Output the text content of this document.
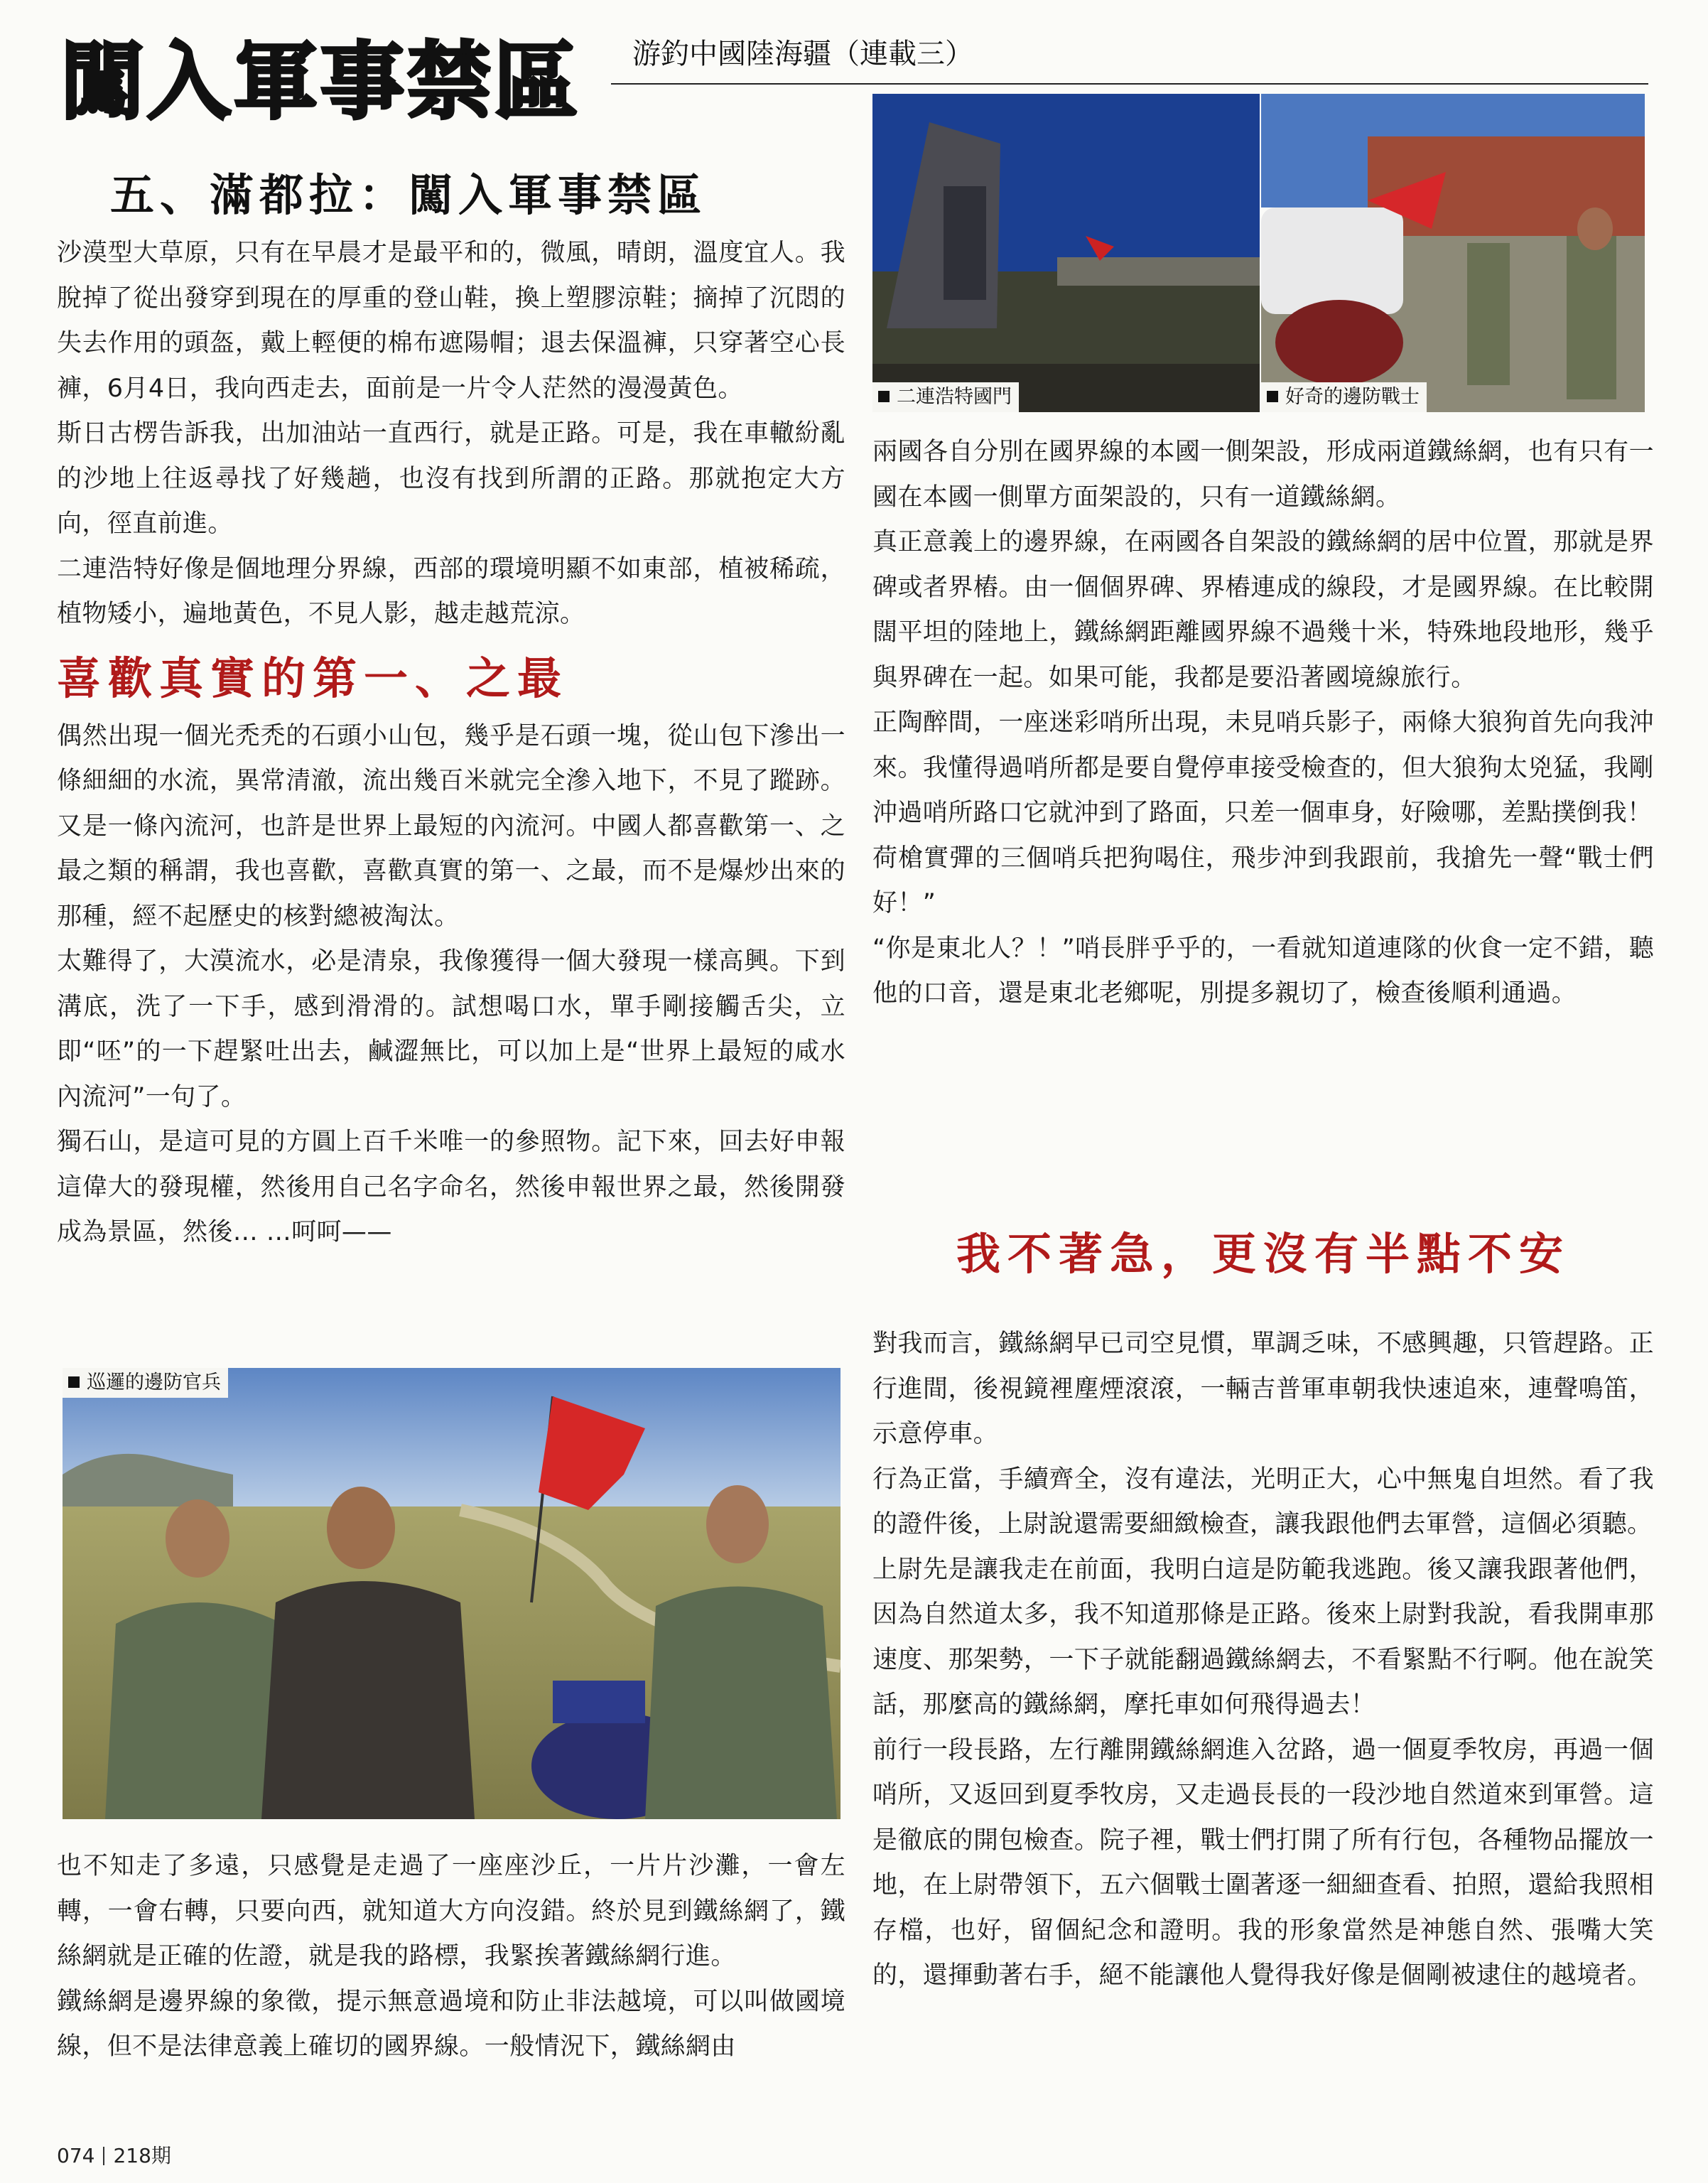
闖入軍事禁區 游釣中國陸海疆（連載三）
五、滿都拉：闖入軍事禁區

沙漠型大草原，只有在早晨才是最平和的，微風，晴朗，溫度宜人。我脫掉了從出發穿到現在的厚重的登山鞋，換上塑膠涼鞋；摘掉了沉悶的失去作用的頭盔，戴上輕便的棉布遮陽帽；退去保溫褲，只穿著空心長褲，6月4日，我向西走去，面前是一片令人茫然的漫漫黃色。

斯日古楞告訴我，出加油站一直西行，就是正路。可是，我在車轍紛亂的沙地上往返尋找了好幾趟，也沒有找到所謂的正路。那就抱定大方向，徑直前進。

二連浩特好像是個地理分界線，西部的環境明顯不如東部，植被稀疏，植物矮小，遍地黃色，不見人影，越走越荒涼。

喜歡真實的第一、之最

偶然出現一個光禿禿的石頭小山包，幾乎是石頭一塊，從山包下滲出一條細細的水流，異常清澈，流出幾百米就完全滲入地下，不見了蹤跡。又是一條內流河，也許是世界上最短的內流河。中國人都喜歡第一、之最之類的稱謂，我也喜歡，喜歡真實的第一、之最，而不是爆炒出來的那種，經不起歷史的核對總被淘汰。

太難得了，大漠流水，必是清泉，我像獲得一個大發現一樣高興。下到溝底，洗了一下手，感到滑滑的。試想喝口水，單手剛接觸舌尖，立即“呸”的一下趕緊吐出去，鹹澀無比，可以加上是“世界上最短的咸水內流河”一句了。

獨石山，是這可見的方圓上百千米唯一的參照物。記下來，回去好申報這偉大的發現權，然後用自己名字命名，然後申報世界之最，然後開發成為景區，然後… …呵呵——

巡邏的邊防官兵

也不知走了多遠，只感覺是走過了一座座沙丘，一片片沙灘，一會左轉，一會右轉，只要向西，就知道大方向沒錯。終於見到鐵絲網了，鐵絲網就是正確的佐證，就是我的路標，我緊挨著鐵絲網行進。

鐵絲網是邊界線的象徵，提示無意過境和防止非法越境，可以叫做國境線，但不是法律意義上確切的國界線。一般情況下，鐵絲網由

二連浩特國門	好奇的邊防戰士

兩國各自分別在國界線的本國一側架設，形成兩道鐵絲網，也有只有一國在本國一側單方面架設的，只有一道鐵絲網。

真正意義上的邊界線，在兩國各自架設的鐵絲網的居中位置，那就是界碑或者界樁。由一個個界碑、界樁連成的線段，才是國界線。在比較開闊平坦的陸地上，鐵絲網距離國界線不過幾十米，特殊地段地形，幾乎與界碑在一起。如果可能，我都是要沿著國境線旅行。

正陶醉間，一座迷彩哨所出現，未見哨兵影子，兩條大狼狗首先向我沖來。我懂得過哨所都是要自覺停車接受檢查的，但大狼狗太兇猛，我剛沖過哨所路口它就沖到了路面，只差一個車身，好險哪，差點撲倒我！

荷槍實彈的三個哨兵把狗喝住，飛步沖到我跟前，我搶先一聲“戰士們好！”

“你是東北人？！”哨長胖乎乎的，一看就知道連隊的伙食一定不錯，聽他的口音，還是東北老鄉呢，別提多親切了，檢查後順利通過。

我不著急，更沒有半點不安

對我而言，鐵絲網早已司空見慣，單調乏味，不感興趣，只管趕路。正行進間，後視鏡裡塵煙滾滾，一輛吉普軍車朝我快速追來，連聲鳴笛，示意停車。

行為正當，手續齊全，沒有違法，光明正大，心中無鬼自坦然。看了我的證件後，上尉說還需要細緻檢查，讓我跟他們去軍營，這個必須聽。

上尉先是讓我走在前面，我明白這是防範我逃跑。後又讓我跟著他們，因為自然道太多，我不知道那條是正路。後來上尉對我說，看我開車那速度、那架勢，一下子就能翻過鐵絲網去，不看緊點不行啊。他在說笑話，那麼高的鐵絲網，摩托車如何飛得過去！

前行一段長路，左行離開鐵絲網進入岔路，過一個夏季牧房，再過一個哨所，又返回到夏季牧房，又走過長長的一段沙地自然道來到軍營。這是徹底的開包檢查。院子裡，戰士們打開了所有行包，各種物品擺放一地，在上尉帶領下，五六個戰士圍著逐一細細查看、拍照，還給我照相存檔，也好，留個紀念和證明。我的形象當然是神態自然、張嘴大笑的，還揮動著右手，絕不能讓他人覺得我好像是個剛被逮住的越境者。

074 218期
